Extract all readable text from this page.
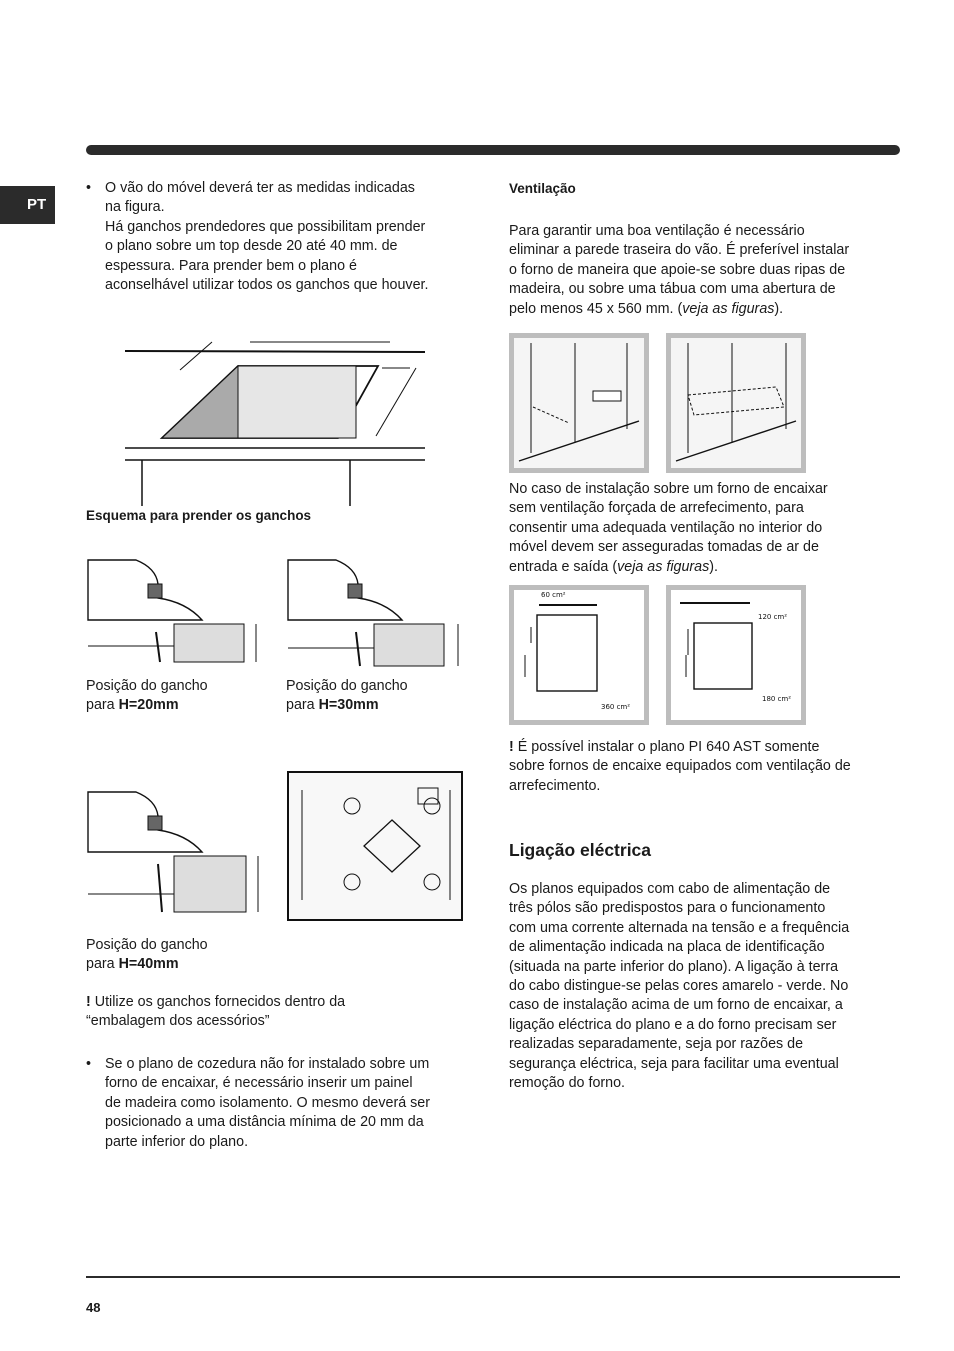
PT
• O vão do móvel deverá ter as medidas indicadas
na figura.
Há ganchos prendedores que possibilitam prender
o plano sobre um top desde 20 até 40 mm. de
espessura. Para prender bem o plano é
aconselhável utilizar todos os ganchos que houver.
Esquema para prender os ganchos
Posição do gancho
para H=20mm
Posição do gancho
para H=30mm
Posição do gancho
para H=40mm
! Utilize os ganchos fornecidos dentro da
“embalagem dos acessórios”
• Se o plano de cozedura não for instalado sobre um
forno de encaixar, é necessário inserir um painel
de madeira como isolamento. O mesmo deverá ser
posicionado a uma distância mínima de 20 mm da
parte inferior do plano.
Ventilação
Para garantir uma boa ventilação é necessário
eliminar a parede traseira do vão. É preferível instalar
o forno de maneira que apoie-se sobre duas ripas de
madeira, ou sobre uma tábua com uma abertura de
pelo menos 45 x 560 mm. (veja as figuras).
No caso de instalação sobre um forno de encaixar
sem ventilação forçada de arrefecimento, para
consentir uma adequada ventilação no interior do
móvel devem ser asseguradas tomadas de ar de
entrada e saída (veja as figuras).
60 cm²
360 cm²
120 cm²
180 cm²
! É possível instalar o plano PI 640 AST somente
sobre fornos de encaixe equipados com ventilação de
arrefecimento.
Ligação eléctrica
Os planos equipados com cabo de alimentação de
três pólos são predispostos para o funcionamento
com uma corrente alternada na tensão e a frequência
de alimentação indicada na placa de identificação
(situada na parte inferior do plano). A ligação à terra
do cabo distingue-se pelas cores amarelo - verde. No
caso de instalação acima de um forno de encaixar, a
ligação eléctrica do plano e a do forno precisam ser
realizadas separadamente, seja por razões de
segurança eléctrica, seja para facilitar uma eventual
remoção do forno.
48
